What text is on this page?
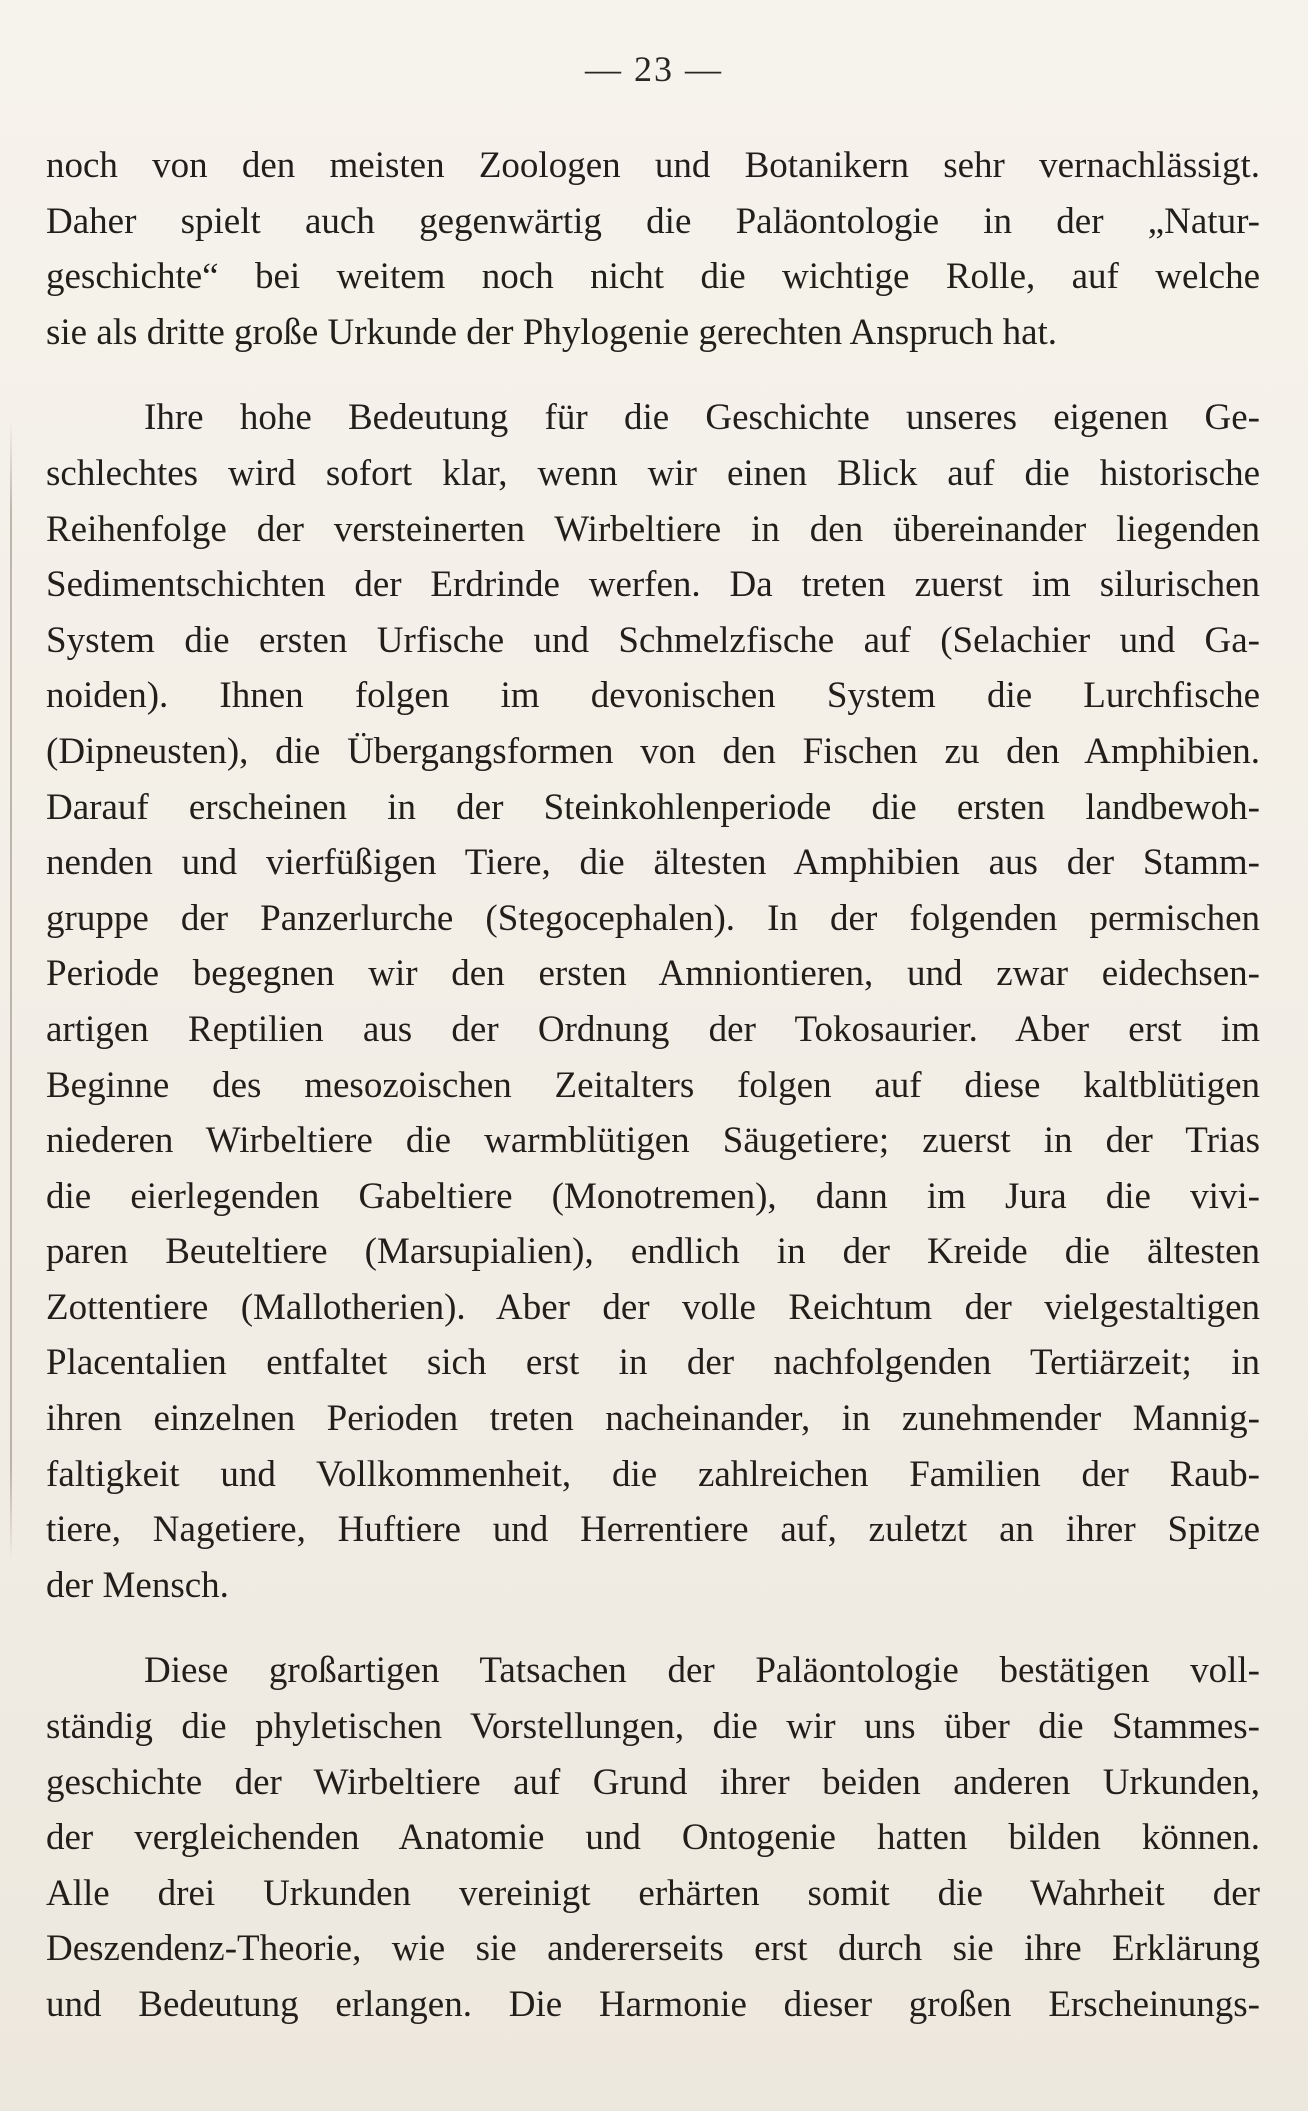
— 23 —
noch von den meisten Zoologen und Botanikern sehr vernachlässigt.
Daher spielt auch gegenwärtig die Paläontologie in der „Natur-
geschichte“ bei weitem noch nicht die wichtige Rolle, auf welche
sie als dritte große Urkunde der Phylogenie gerechten Anspruch hat.
Ihre hohe Bedeutung für die Geschichte unseres eigenen Ge-
schlechtes wird sofort klar, wenn wir einen Blick auf die historische
Reihenfolge der versteinerten Wirbeltiere in den übereinander liegenden
Sedimentschichten der Erdrinde werfen. Da treten zuerst im silurischen
System die ersten Urfische und Schmelzfische auf (Selachier und Ga-
noiden). Ihnen folgen im devonischen System die Lurchfische
(Dipneusten), die Übergangsformen von den Fischen zu den Amphibien.
Darauf erscheinen in der Steinkohlenperiode die ersten landbewoh-
nenden und vierfüßigen Tiere, die ältesten Amphibien aus der Stamm-
gruppe der Panzerlurche (Stegocephalen). In der folgenden permischen
Periode begegnen wir den ersten Amniontieren, und zwar eidechsen-
artigen Reptilien aus der Ordnung der Tokosaurier. Aber erst im
Beginne des mesozoischen Zeitalters folgen auf diese kaltblütigen
niederen Wirbeltiere die warmblütigen Säugetiere; zuerst in der Trias
die eierlegenden Gabeltiere (Monotremen), dann im Jura die vivi-
paren Beuteltiere (Marsupialien), endlich in der Kreide die ältesten
Zottentiere (Mallotherien). Aber der volle Reichtum der vielgestaltigen
Placentalien entfaltet sich erst in der nachfolgenden Tertiärzeit; in
ihren einzelnen Perioden treten nacheinander, in zunehmender Mannig-
faltigkeit und Vollkommenheit, die zahlreichen Familien der Raub-
tiere, Nagetiere, Huftiere und Herrentiere auf, zuletzt an ihrer Spitze
der Mensch.
Diese großartigen Tatsachen der Paläontologie bestätigen voll-
ständig die phyletischen Vorstellungen, die wir uns über die Stammes-
geschichte der Wirbeltiere auf Grund ihrer beiden anderen Urkunden,
der vergleichenden Anatomie und Ontogenie hatten bilden können.
Alle drei Urkunden vereinigt erhärten somit die Wahrheit der
Deszendenz-Theorie, wie sie andererseits erst durch sie ihre Erklärung
und Bedeutung erlangen. Die Harmonie dieser großen Erscheinungs-
